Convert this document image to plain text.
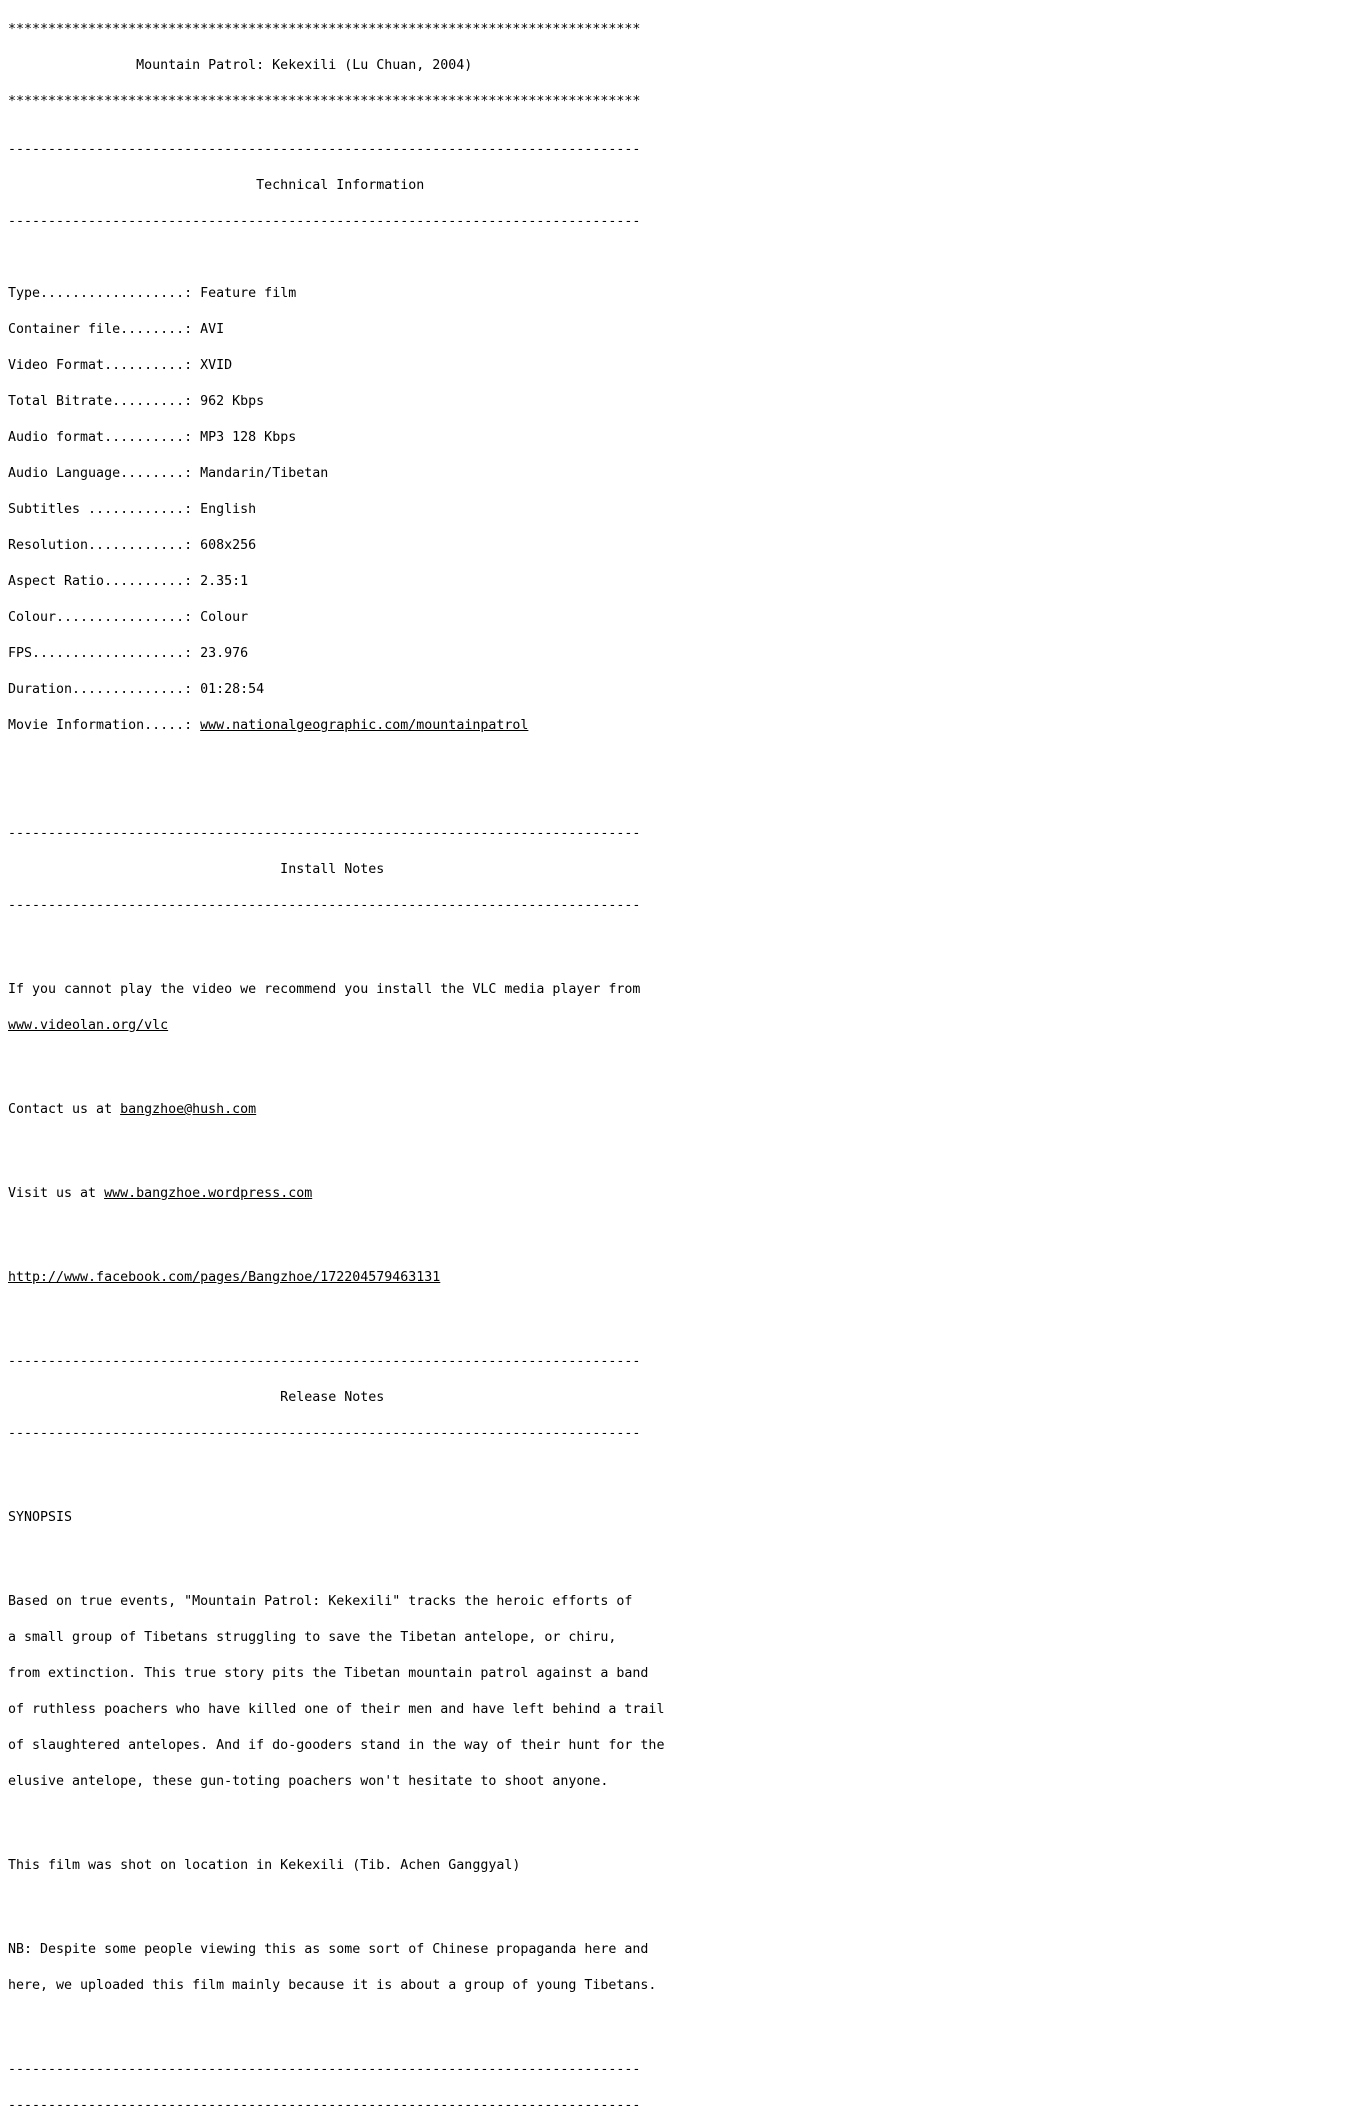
*******************************************************************************

Mountain Patrol: Kekexili (Lu Chuan, 2004)

*******************************************************************************

-------------------------------------------------------------------------------

Technical Information

-------------------------------------------------------------------------------

Type..................: Feature film

Container file........: AVI

Video Format..........: XVID

Total Bitrate.........: 962 Kbps

Audio format..........: MP3 128 Kbps

Audio Language........: Mandarin/Tibetan

Subtitles ............: English

Resolution............: 608x256

Aspect Ratio..........: 2.35:1

Colour................: Colour

FPS...................: 23.976

Duration..............: 01:28:54

Movie Information.....: www.nationalgeographic.com/mountainpatrol

-------------------------------------------------------------------------------

Install Notes

-------------------------------------------------------------------------------

If you cannot play the video we recommend you install the VLC media player from

www.videolan.org/vlc

Contact us at bangzhoe@hush.com

Visit us at www.bangzhoe.wordpress.com

http://www.facebook.com/pages/Bangzhoe/172204579463131

-------------------------------------------------------------------------------

Release Notes

-------------------------------------------------------------------------------

SYNOPSIS

Based on true events, "Mountain Patrol: Kekexili" tracks the heroic efforts of

a small group of Tibetans struggling to save the Tibetan antelope, or chiru,

from extinction. This true story pits the Tibetan mountain patrol against a band

of ruthless poachers who have killed one of their men and have left behind a trail

of slaughtered antelopes. And if do-gooders stand in the way of their hunt for the

elusive antelope, these gun-toting poachers won't hesitate to shoot anyone.

This film was shot on location in Kekexili (Tib. Achen Ganggyal)

NB: Despite some people viewing this as some sort of Chinese propaganda here and

here, we uploaded this film mainly because it is about a group of young Tibetans.

-------------------------------------------------------------------------------

-------------------------------------------------------------------------------
